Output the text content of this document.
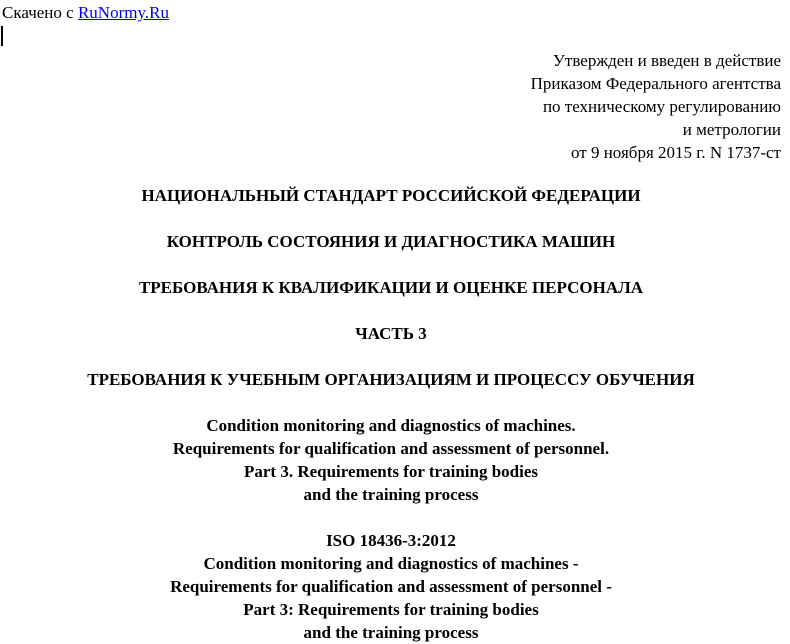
Скачено с RuNormy.Ru
Утвержден и введен в действие
Приказом Федерального агентства
по техническому регулированию
и метрологии
от 9 ноября 2015 г. N 1737-ст
НАЦИОНАЛЬНЫЙ СТАНДАРТ РОССИЙСКОЙ ФЕДЕРАЦИИ
КОНТРОЛЬ СОСТОЯНИЯ И ДИАГНОСТИКА МАШИН
ТРЕБОВАНИЯ К КВАЛИФИКАЦИИ И ОЦЕНКЕ ПЕРСОНАЛА
ЧАСТЬ 3
ТРЕБОВАНИЯ К УЧЕБНЫМ ОРГАНИЗАЦИЯМ И ПРОЦЕССУ ОБУЧЕНИЯ
Condition monitoring and diagnostics of machines.
Requirements for qualification and assessment of personnel.
Part 3. Requirements for training bodies
and the training process
ISO 18436-3:2012
Condition monitoring and diagnostics of machines -
Requirements for qualification and assessment of personnel -
Part 3: Requirements for training bodies
and the training process
